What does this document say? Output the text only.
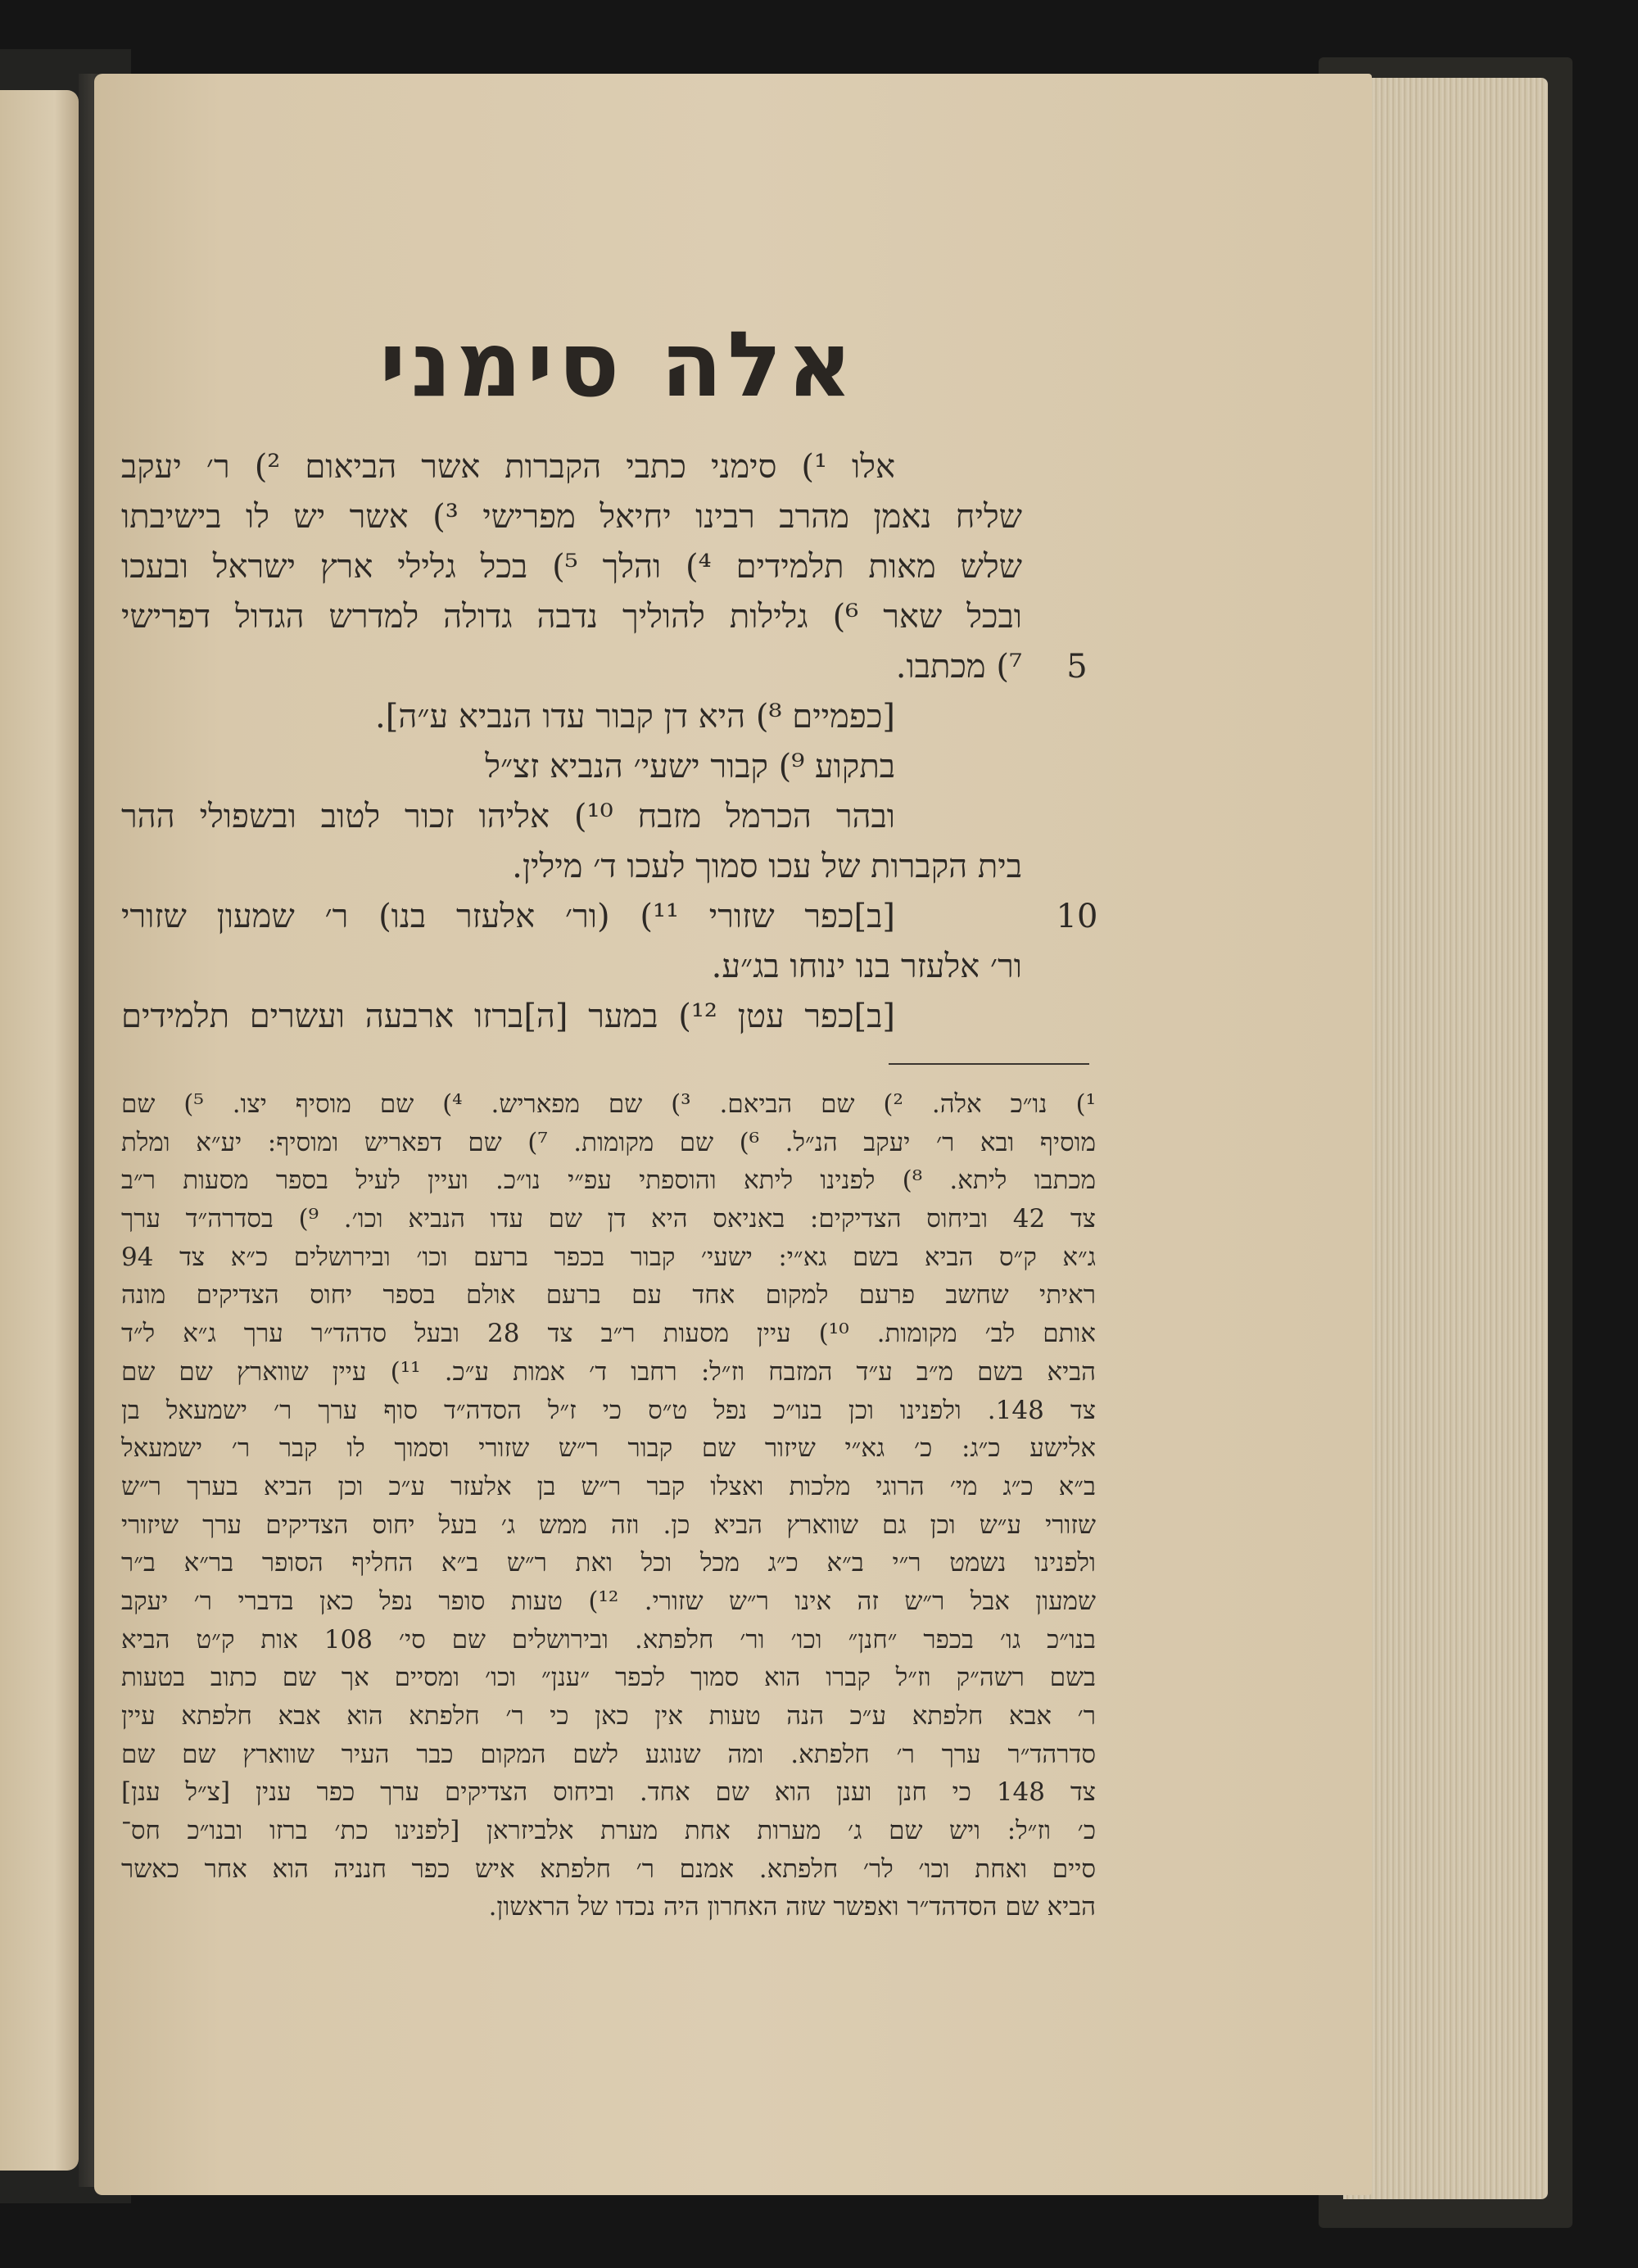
אלה סימני
אלו ¹) סימני כתבי הקברות אשר הביאום ²) ר׳ יעקב
שליח נאמן מהרב רבינו יחיאל מפרישי ³) אשר יש לו בישיבתו
שלש מאות תלמידים ⁴) והלך ⁵) בכל גלילי ארץ ישראל ובעכו
ובכל שאר ⁶) גלילות להוליך נדבה גדולה למדרש הגדול דפרישי
⁷) מכתבו.
[כפמיים ⁸) היא דן קבור עדו הנביא ע״ה].
בתקוע ⁹) קבור ישעי׳ הנביא זצ״ל
ובהר הכרמל מזבח ¹⁰) אליהו זכור לטוב ובשפולי ההר
בית הקברות של עכו סמוך לעכו ד׳ מילין.
[ב]כפר שזורי ¹¹) (ור׳ אלעזר בנו) ר׳ שמעון שזורי
ור׳ אלעזר בנו ינוחו בג״ע.
[ב]כפר עטן ¹²) במער [ה]ברזו ארבעה ועשרים תלמידים
5
10
¹) נו״כ אלה. ²) שם הביאם. ³) שם מפאריש. ⁴) שם מוסיף יצו. ⁵) שם
מוסיף ובא ר׳ יעקב הנ״ל. ⁶) שם מקומות. ⁷) שם דפאריש ומוסיף: יע״א ומלת
מכתבו ליתא. ⁸) לפנינו ליתא והוספתי עפ״י נו״כ. ועיין לעיל בספר מסעות ר״ב
צד 42 וביחוס הצדיקים: באניאס היא דן שם עדו הנביא וכו׳. ⁹) בסדרה״ד ערך
ג״א ק״ס הביא בשם גא״י: ישעי׳ קבור בכפר ברעם וכו׳ ובירושלים כ״א צד 94
ראיתי שחשב פרעם למקום אחד עם ברעם אולם בספר יחוס הצדיקים מונה
אותם לב׳ מקומות. ¹⁰) עיין מסעות ר״ב צד 28 ובעל סדהד״ר ערך ג״א ל״ד
הביא בשם מ״ב ע״ד המזבח וז״ל: רחבו ד׳ אמות ע״כ. ¹¹) עיין שווארץ שם שם
צד 148. ולפנינו וכן בנו״כ נפל ט״ס כי ז״ל הסדה״ד סוף ערך ר׳ ישמעאל בן
אלישע כ״ג: כ׳ גא״י שיזור שם קבור ר״ש שזורי וסמוך לו קבר ר׳ ישמעאל
ב״א כ״ג מי׳ הרוגי מלכות ואצלו קבר ר״ש בן אלעזר ע״כ וכן הביא בערך ר״ש
שזורי ע״ש וכן גם שווארץ הביא כן. וזה ממש ג׳ בעל יחוס הצדיקים ערך שיזורי
ולפנינו נשמט ר״י ב״א כ״ג מכל וכל ואת ר״ש ב״א החליף הסופר בר״א ב״ר
שמעון אבל ר״ש זה אינו ר״ש שזורי. ¹²) טעות סופר נפל כאן בדברי ר׳ יעקב
בנו״כ גו׳ בכפר ״חנן״ וכו׳ ור׳ חלפתא. ובירושלים שם סי׳ 108 אות ק״ט הביא
בשם רשה״ק וז״ל קברו הוא סמוך לכפר ״ענן״ וכו׳ ומסיים אך שם כתוב בטעות
ר׳ אבא חלפתא ע״כ הנה טעות אין כאן כי ר׳ חלפתא הוא אבא חלפתא עיין
סדרהד״ר ערך ר׳ חלפתא. ומה שנוגע לשם המקום כבר העיר שווארץ שם שם
צד 148 כי חנן וענן הוא שם אחד. וביחוס הצדיקים ערך כפר ענין [צ״ל ענן]
כ׳ וז״ל: ויש שם ג׳ מערות אחת מערת אלביזראן [לפנינו כת׳ ברזו ובנו״כ חס־
סיים ואחת וכו׳ לר׳ חלפתא. אמנם ר׳ חלפתא איש כפר חנניה הוא אחר כאשר
הביא שם הסדהד״ר ואפשר שזה האחרון היה נכדו של הראשון.
